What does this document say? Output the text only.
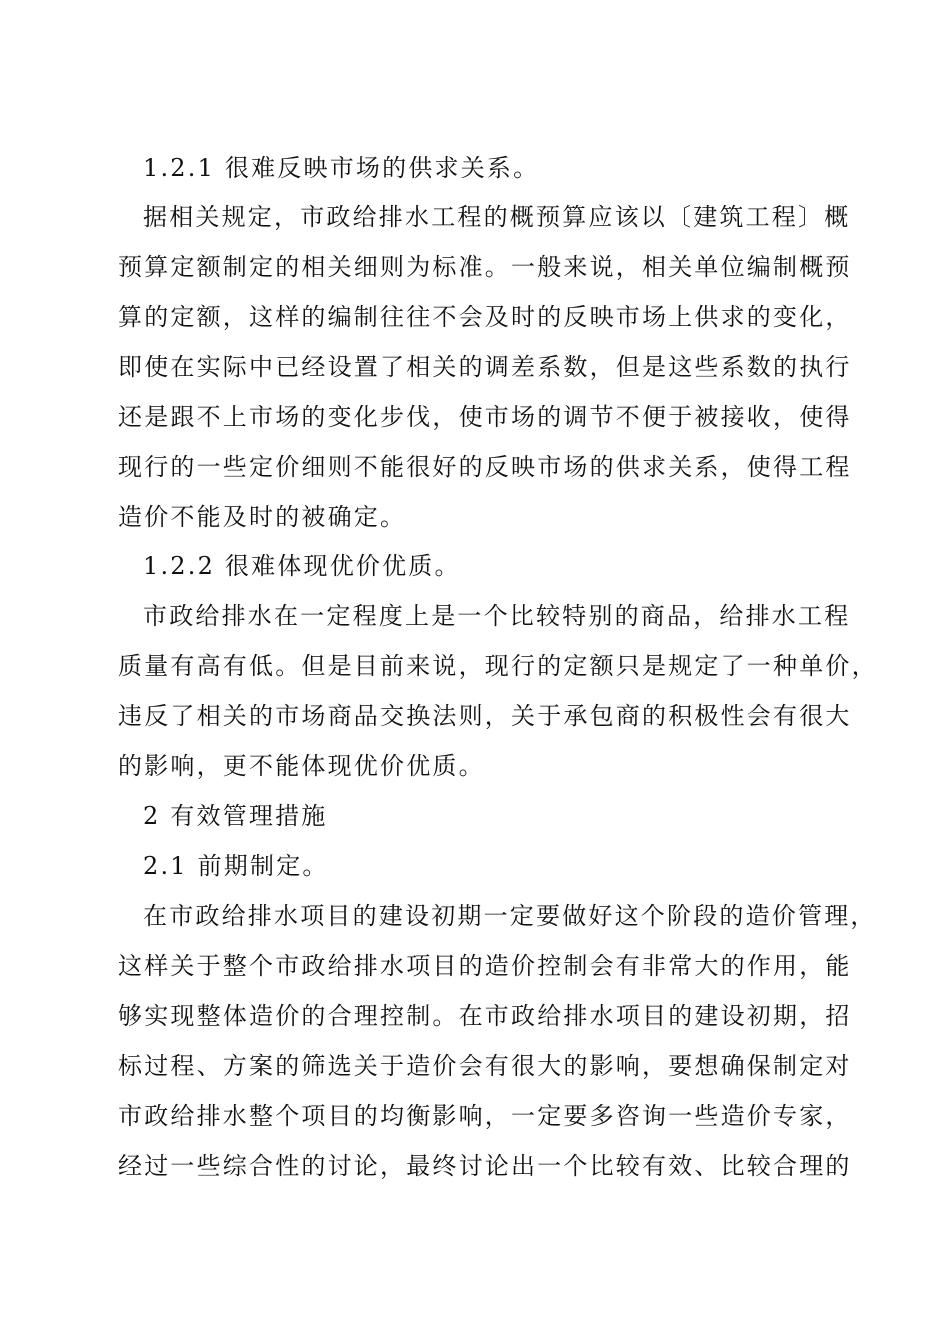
1.2.1 很难反映市场的供求关系。
据相关规定，市政给排水工程的概预算应该以〔建筑工程〕概
预算定额制定的相关细则为标准。一般来说，相关单位编制概预
算的定额，这样的编制往往不会及时的反映市场上供求的变化，
即使在实际中已经设置了相关的调差系数，但是这些系数的执行
还是跟不上市场的变化步伐，使市场的调节不便于被接收，使得
现行的一些定价细则不能很好的反映市场的供求关系，使得工程
造价不能及时的被确定。
1.2.2 很难体现优价优质。
市政给排水在一定程度上是一个比较特别的商品，给排水工程
质量有高有低。但是目前来说，现行的定额只是规定了一种单价，
违反了相关的市场商品交换法则，关于承包商的积极性会有很大
的影响，更不能体现优价优质。
2 有效管理措施
2.1 前期制定。
在市政给排水项目的建设初期一定要做好这个阶段的造价管理，
这样关于整个市政给排水项目的造价控制会有非常大的作用，能
够实现整体造价的合理控制。在市政给排水项目的建设初期，招
标过程、方案的筛选关于造价会有很大的影响，要想确保制定对
市政给排水整个项目的均衡影响，一定要多咨询一些造价专家，
经过一些综合性的讨论，最终讨论出一个比较有效、比较合理的
